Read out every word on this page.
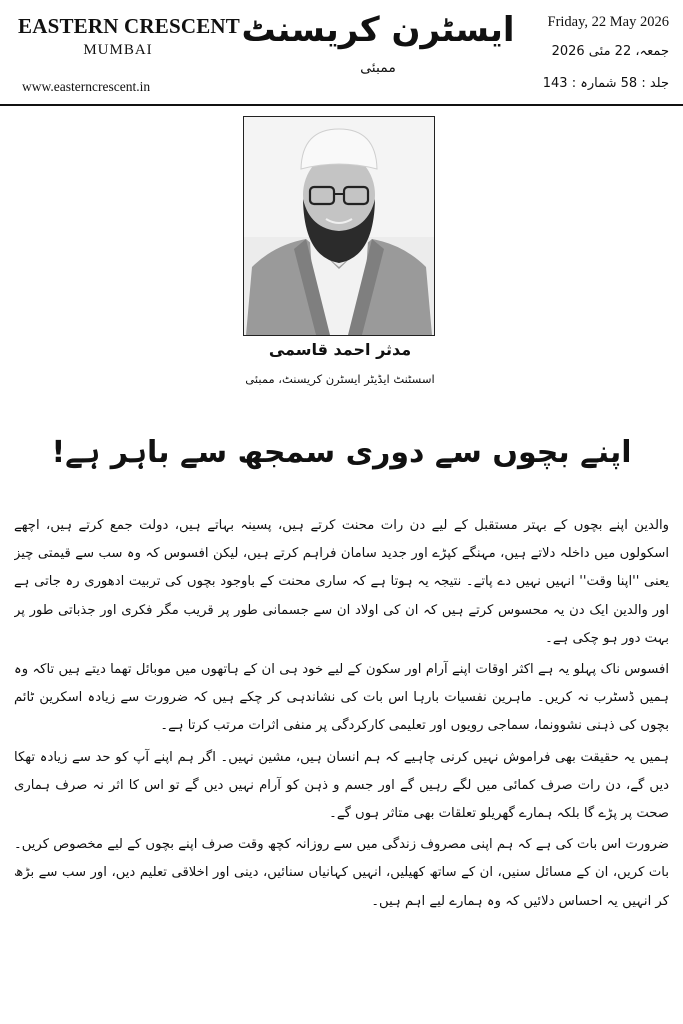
EASTERN CRESCENT
MUMBAI
www.easterncrescent.in
ایسٹرن کریسنٹ
ممبئی
Friday, 22 May 2026
جمعہ، 22 مئی 2026
جلد : 58 شمارہ : 143
مدثر احمد قاسمی
اسسٹنٹ ایڈیٹر ایسٹرن کریسنٹ، ممبئی
اپنے بچوں سے دوری سمجھ سے باہر ہے!

والدین اپنے بچوں کے بہتر مستقبل کے لیے دن رات محنت کرتے ہیں، پسینہ بہاتے ہیں، دولت جمع کرتے ہیں، اچھے اسکولوں میں داخلہ دلاتے ہیں، مہنگے کپڑے اور جدید سامان فراہم کرتے ہیں، لیکن افسوس کہ وہ سب سے قیمتی چیز یعنی ''اپنا وقت'' انہیں نہیں دے پاتے۔ نتیجہ یہ ہوتا ہے کہ ساری محنت کے باوجود بچوں کی تربیت ادھوری رہ جاتی ہے اور والدین ایک دن یہ محسوس کرتے ہیں کہ ان کی اولاد ان سے جسمانی طور پر قریب مگر فکری اور جذباتی طور پر بہت دور ہو چکی ہے۔

افسوس ناک پہلو یہ ہے اکثر اوقات اپنے آرام اور سکون کے لیے خود ہی ان کے ہاتھوں میں موبائل تھما دیتے ہیں تاکہ وہ ہمیں ڈسٹرب نہ کریں۔ ماہرین نفسیات بارہا اس بات کی نشاندہی کر چکے ہیں کہ ضرورت سے زیادہ اسکرین ٹائم بچوں کی ذہنی نشوونما، سماجی رویوں اور تعلیمی کارکردگی پر منفی اثرات مرتب کرتا ہے۔

ہمیں یہ حقیقت بھی فراموش نہیں کرنی چاہیے کہ ہم انسان ہیں، مشین نہیں۔ اگر ہم اپنے آپ کو حد سے زیادہ تھکا دیں گے، دن رات صرف کمائی میں لگے رہیں گے اور جسم و ذہن کو آرام نہیں دیں گے تو اس کا اثر نہ صرف ہماری صحت پر پڑے گا بلکہ ہمارے گھریلو تعلقات بھی متاثر ہوں گے۔

ضرورت اس بات کی ہے کہ ہم اپنی مصروف زندگی میں سے روزانہ کچھ وقت صرف اپنے بچوں کے لیے مخصوص کریں۔ بات کریں، ان کے مسائل سنیں، ان کے ساتھ کھیلیں، انہیں کہانیاں سنائیں، دینی اور اخلاقی تعلیم دیں، اور سب سے بڑھ کر انہیں یہ احساس دلائیں کہ وہ ہمارے لیے اہم ہیں۔
